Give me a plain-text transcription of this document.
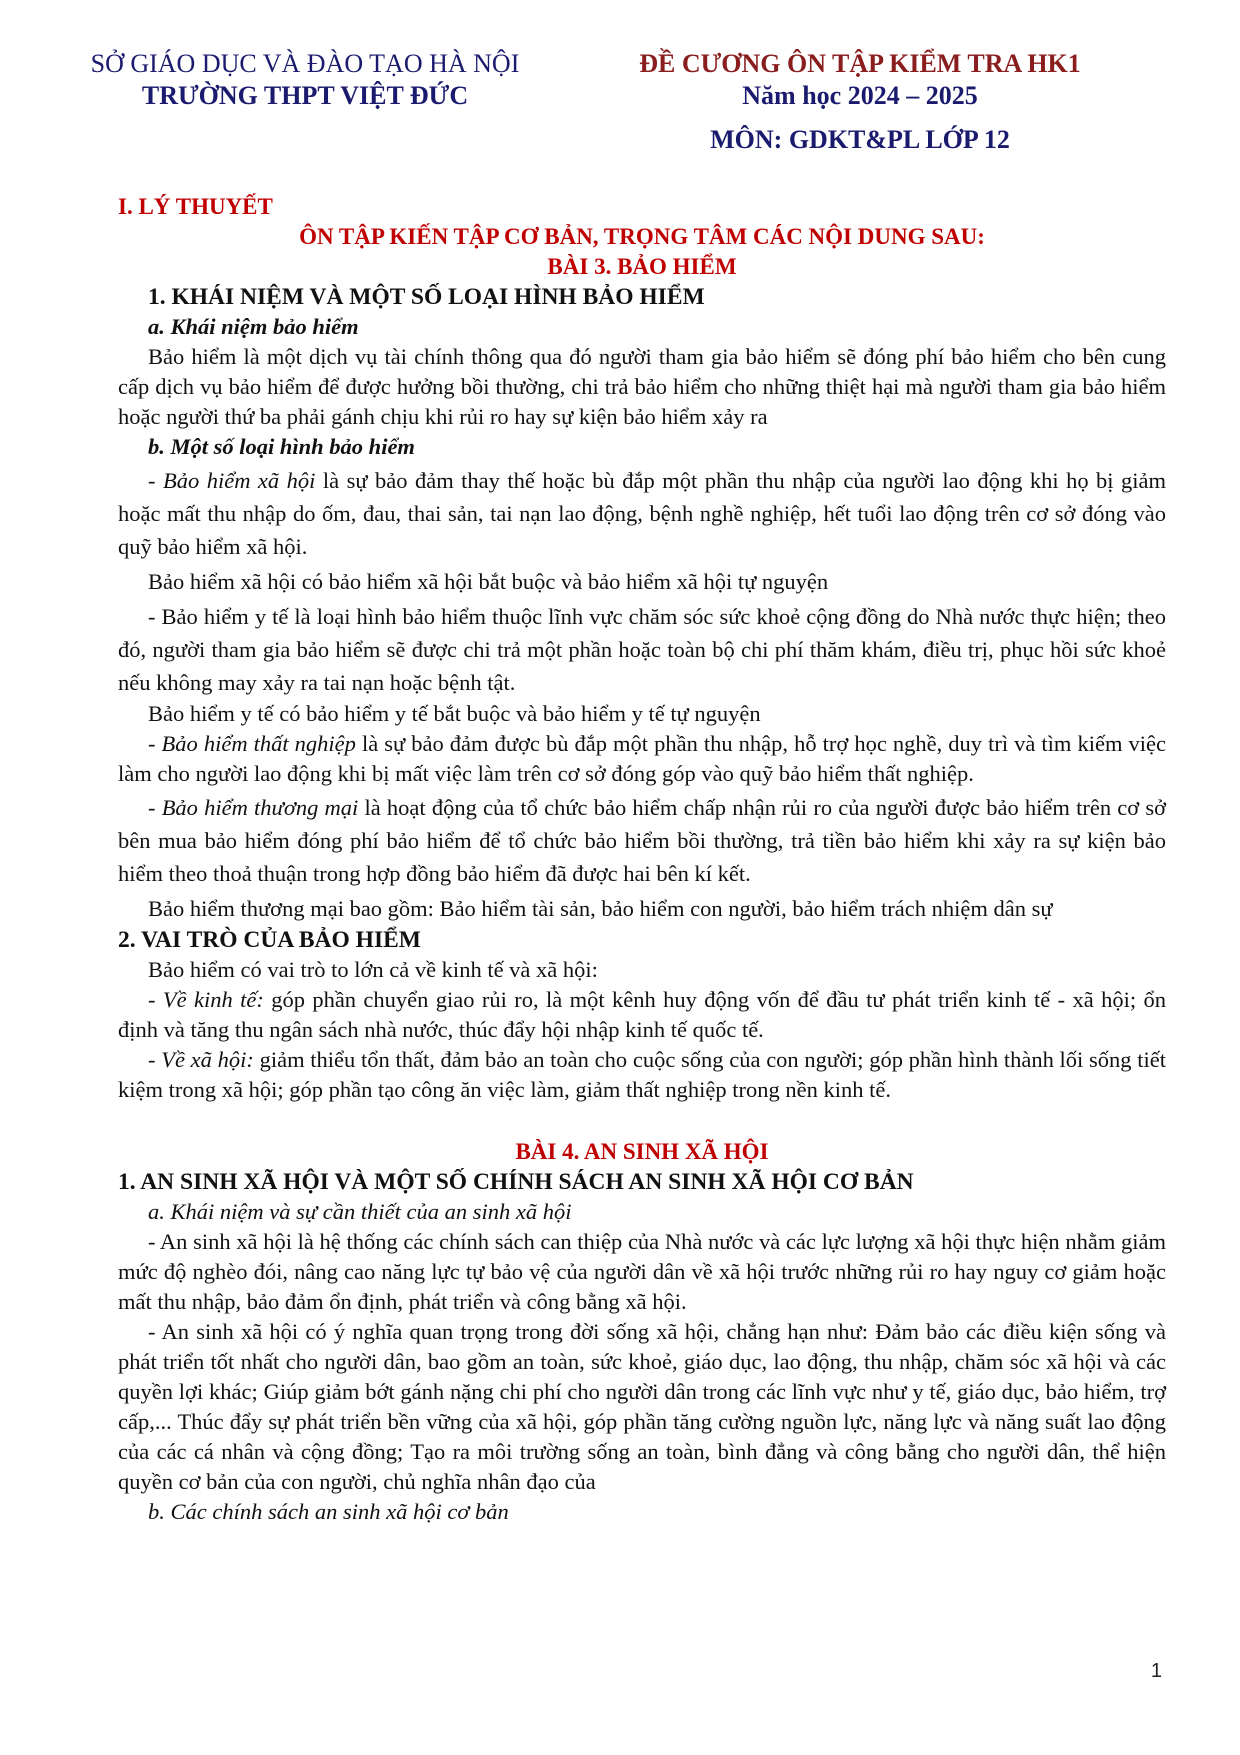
SỞ GIÁO DỤC VÀ ĐÀO TẠO HÀ NỘI
TRƯỜNG THPT VIỆT ĐỨC
ĐỀ CƯƠNG ÔN TẬP KIỂM TRA HK1
Năm học 2024 – 2025
MÔN: GDKT&PL LỚP 12
I. LÝ THUYẾT
ÔN TẬP KIẾN TẬP CƠ BẢN, TRỌNG TÂM CÁC NỘI DUNG SAU:
BÀI 3. BẢO HIỂM
1. KHÁI NIỆM VÀ MỘT SỐ LOẠI HÌNH BẢO HIỂM
a. Khái niệm bảo hiểm

Bảo hiểm là một dịch vụ tài chính thông qua đó người tham gia bảo hiểm sẽ đóng phí bảo hiểm cho bên cung cấp dịch vụ bảo hiểm để được hưởng bồi thường, chi trả bảo hiểm cho những thiệt hại mà người tham gia bảo hiểm hoặc người thứ ba phải gánh chịu khi rủi ro hay sự kiện bảo hiểm xảy ra

b. Một số loại hình bảo hiểm

- Bảo hiểm xã hội là sự bảo đảm thay thế hoặc bù đắp một phần thu nhập của người lao động khi họ bị giảm hoặc mất thu nhập do ốm, đau, thai sản, tai nạn lao động, bệnh nghề nghiệp, hết tuổi lao động trên cơ sở đóng vào quỹ bảo hiểm xã hội.

Bảo hiểm xã hội có bảo hiểm xã hội bắt buộc và bảo hiểm xã hội tự nguyện

- Bảo hiểm y tế là loại hình bảo hiểm thuộc lĩnh vực chăm sóc sức khoẻ cộng đồng do Nhà nước thực hiện; theo đó, người tham gia bảo hiểm sẽ được chi trả một phần hoặc toàn bộ chi phí thăm khám, điều trị, phục hồi sức khoẻ nếu không may xảy ra tai nạn hoặc bệnh tật.

Bảo hiểm y tế có bảo hiểm y tế bắt buộc và bảo hiểm y tế tự nguyện

- Bảo hiểm thất nghiệp là sự bảo đảm được bù đắp một phần thu nhập, hỗ trợ học nghề, duy trì và tìm kiếm việc làm cho người lao động khi bị mất việc làm trên cơ sở đóng góp vào quỹ bảo hiểm thất nghiệp.

- Bảo hiểm thương mại là hoạt động của tổ chức bảo hiểm chấp nhận rủi ro của người được bảo hiểm trên cơ sở bên mua bảo hiểm đóng phí bảo hiểm để tổ chức bảo hiểm bồi thường, trả tiền bảo hiểm khi xảy ra sự kiện bảo hiểm theo thoả thuận trong hợp đồng bảo hiểm đã được hai bên kí kết.

Bảo hiểm thương mại bao gồm: Bảo hiểm tài sản, bảo hiểm con người, bảo hiểm trách nhiệm dân sự

2. VAI TRÒ CỦA BẢO HIỂM

Bảo hiểm có vai trò to lớn cả về kinh tế và xã hội:

- Về kinh tế: góp phần chuyển giao rủi ro, là một kênh huy động vốn để đầu tư phát triển kinh tế - xã hội; ổn định và tăng thu ngân sách nhà nước, thúc đẩy hội nhập kinh tế quốc tế.

- Về xã hội: giảm thiểu tổn thất, đảm bảo an toàn cho cuộc sống của con người; góp phần hình thành lối sống tiết kiệm trong xã hội; góp phần tạo công ăn việc làm, giảm thất nghiệp trong nền kinh tế.

BÀI 4. AN SINH XÃ HỘI
1. AN SINH XÃ HỘI VÀ MỘT SỐ CHÍNH SÁCH AN SINH XÃ HỘI CƠ BẢN
a. Khái niệm và sự cần thiết của an sinh xã hội

- An sinh xã hội là hệ thống các chính sách can thiệp của Nhà nước và các lực lượng xã hội thực hiện nhằm giảm mức độ nghèo đói, nâng cao năng lực tự bảo vệ của người dân về xã hội trước những rủi ro hay nguy cơ giảm hoặc mất thu nhập, bảo đảm ổn định, phát triển và công bằng xã hội.

- An sinh xã hội có ý nghĩa quan trọng trong đời sống xã hội, chẳng hạn như: Đảm bảo các điều kiện sống và phát triển tốt nhất cho người dân, bao gồm an toàn, sức khoẻ, giáo dục, lao động, thu nhập, chăm sóc xã hội và các quyền lợi khác; Giúp giảm bớt gánh nặng chi phí cho người dân trong các lĩnh vực như y tế, giáo dục, bảo hiểm, trợ cấp,... Thúc đẩy sự phát triển bền vững của xã hội, góp phần tăng cường nguồn lực, năng lực và năng suất lao động của các cá nhân và cộng đồng; Tạo ra môi trường sống an toàn, bình đẳng và công bằng cho người dân, thể hiện quyền cơ bản của con người, chủ nghĩa nhân đạo của

b. Các chính sách an sinh xã hội cơ bản
1
